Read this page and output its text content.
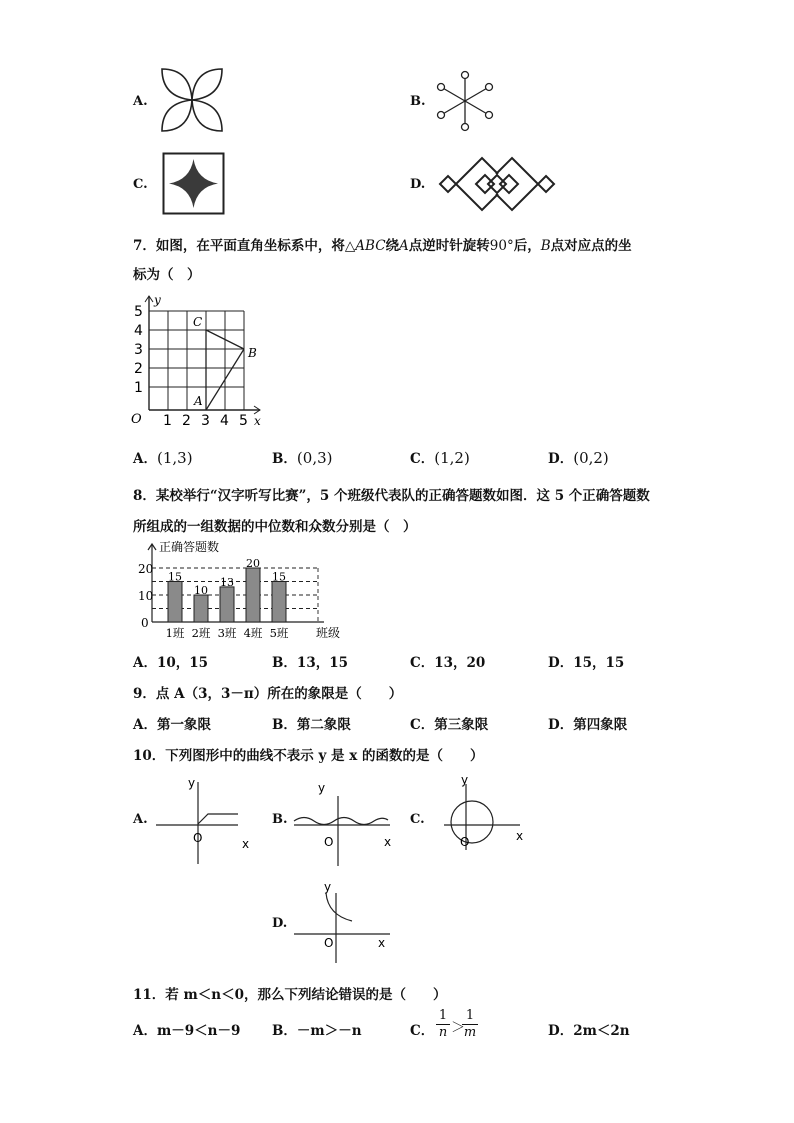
A.	B.
C.	D.
7．如图，在平面直角坐标系中，将△ABC绕A点逆时针旋转90°后，B点对应点的坐
标为（　）
y
x
O
5
4
3
2
1
1 2 3 4 5
A
B
C
A．(1,3)	B．(0,3)	C．(1,2)	D．(0,2)
8．某校举行“汉字听写比赛”，5 个班级代表队的正确答题数如图．这 5 个正确答题数
所组成的一组数据的中位数和众数分别是（　）
正确答题数
班级
20
10
0
15
1班
10
2班
13
3班
20
4班
15
5班
A．10，15	B．13，15	C．13，20	D．15，15
9．点 A（3，3－π）所在的象限是（　　）
A．第一象限	B．第二象限	C．第三象限	D．第四象限
10．下列图形中的曲线不表示 y 是 x 的函数的是（　　）
A.
y
O	x
B.
y
O	x
C.
y
O	x
D.
y
O	x
11．若 m＜n＜0，那么下列结论错误的是（　　）
A．m－9＜n－9 B．－m＞－n	C． $\frac{1}{n}$ ＞
$\frac{1}{m}$	D．2m＜2n
